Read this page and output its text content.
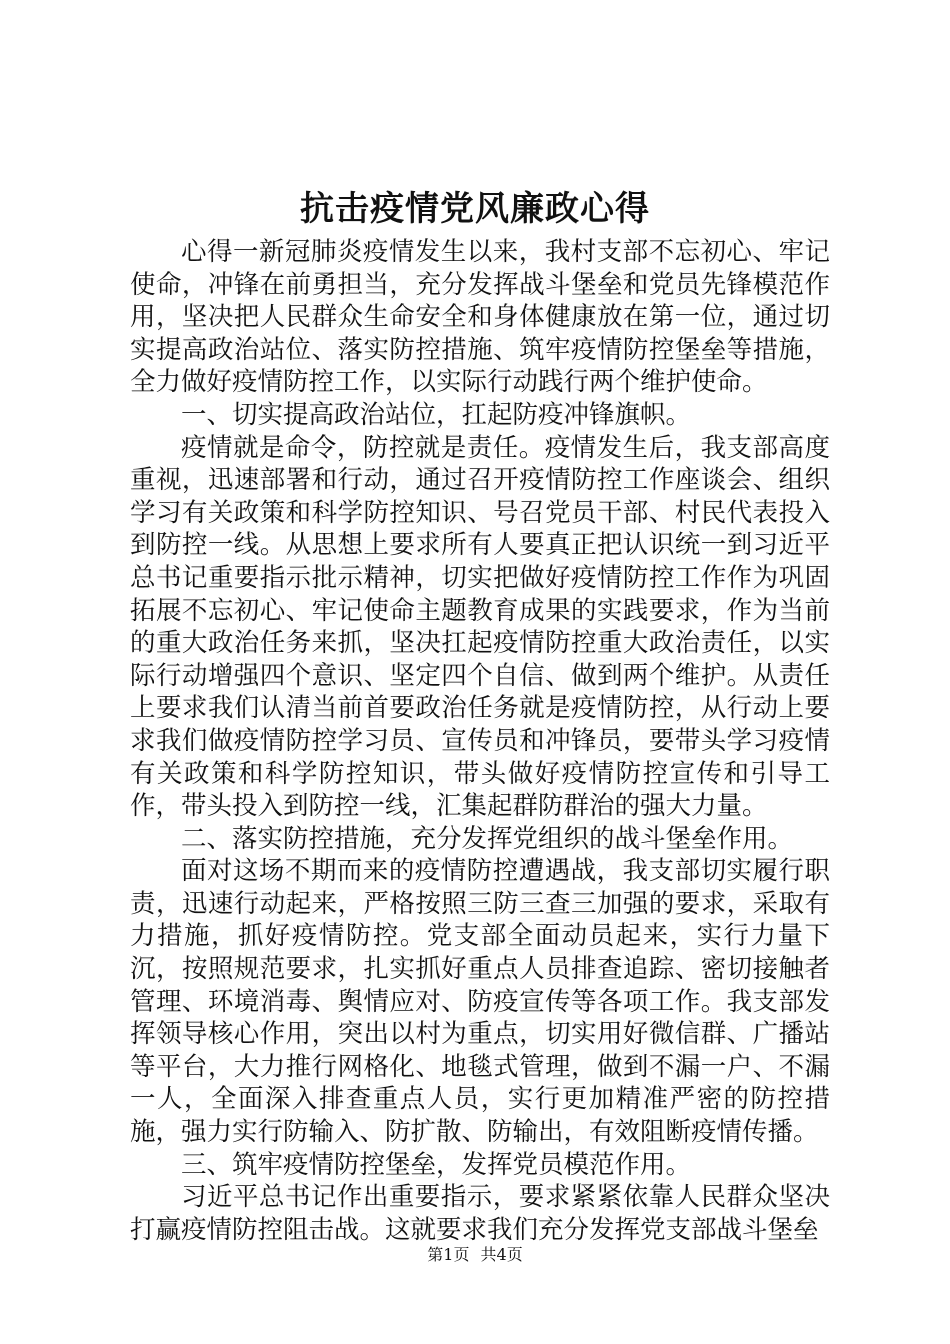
抗击疫情党风廉政心得

心得一新冠肺炎疫情发生以来，我村支部不忘初心、牢记使命，冲锋在前勇担当，充分发挥战斗堡垒和党员先锋模范作用，坚决把人民群众生命安全和身体健康放在第一位，通过切实提高政治站位、落实防控措施、筑牢疫情防控堡垒等措施，全力做好疫情防控工作，以实际行动践行两个维护使命。

一、切实提高政治站位，扛起防疫冲锋旗帜。

疫情就是命令，防控就是责任。疫情发生后，我支部高度重视，迅速部署和行动，通过召开疫情防控工作座谈会、组织学习有关政策和科学防控知识、号召党员干部、村民代表投入到防控一线。从思想上要求所有人要真正把认识统一到习近平总书记重要指示批示精神，切实把做好疫情防控工作作为巩固拓展不忘初心、牢记使命主题教育成果的实践要求，作为当前的重大政治任务来抓，坚决扛起疫情防控重大政治责任，以实际行动增强四个意识、坚定四个自信、做到两个维护。从责任上要求我们认清当前首要政治任务就是疫情防控，从行动上要求我们做疫情防控学习员、宣传员和冲锋员，要带头学习疫情有关政策和科学防控知识，带头做好疫情防控宣传和引导工作，带头投入到防控一线，汇集起群防群治的强大力量。

二、落实防控措施，充分发挥党组织的战斗堡垒作用。

面对这场不期而来的疫情防控遭遇战，我支部切实履行职责，迅速行动起来，严格按照三防三查三加强的要求，采取有力措施，抓好疫情防控。党支部全面动员起来，实行力量下沉，按照规范要求，扎实抓好重点人员排查追踪、密切接触者管理、环境消毒、舆情应对、防疫宣传等各项工作。我支部发挥领导核心作用，突出以村为重点，切实用好微信群、广播站等平台，大力推行网格化、地毯式管理，做到不漏一户、不漏一人，全面深入排查重点人员，实行更加精准严密的防控措施，强力实行防输入、防扩散、防输出，有效阻断疫情传播。

三、筑牢疫情防控堡垒，发挥党员模范作用。

习近平总书记作出重要指示，要求紧紧依靠人民群众坚决打赢疫情防控阻击战。这就要求我们充分发挥党支部战斗堡垒

第1页 共4页
